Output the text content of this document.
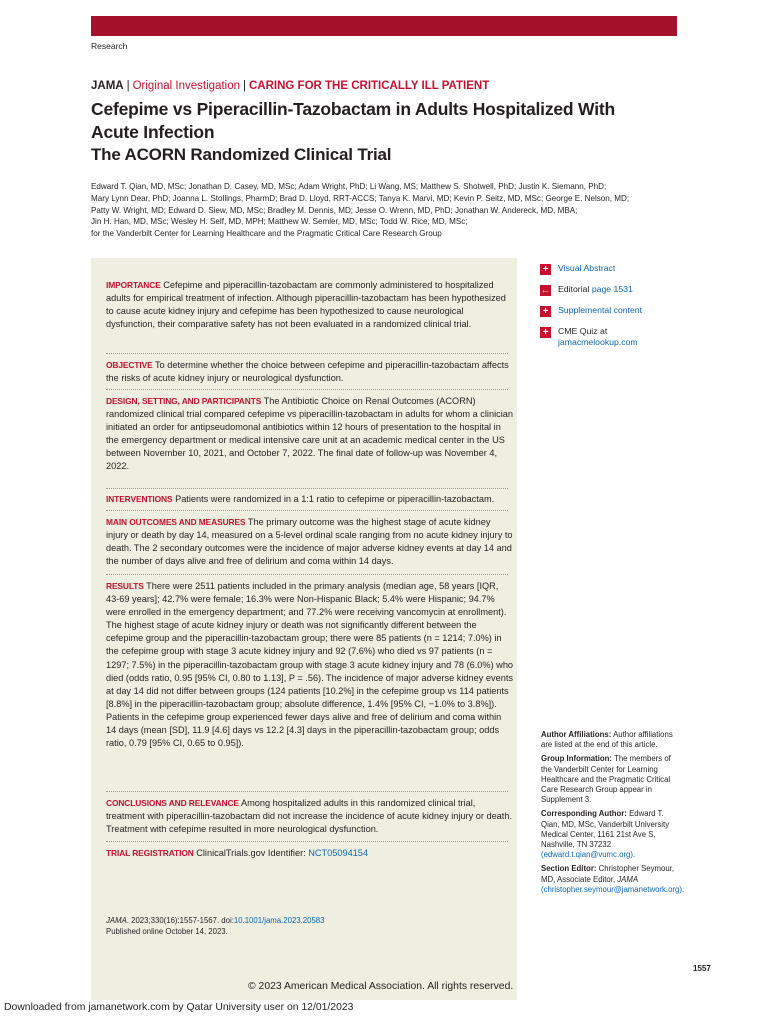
Research
JAMA | Original Investigation | CARING FOR THE CRITICALLY ILL PATIENT
Cefepime vs Piperacillin-Tazobactam in Adults Hospitalized With Acute Infection
The ACORN Randomized Clinical Trial
Edward T. Qian, MD, MSc; Jonathan D. Casey, MD, MSc; Adam Wright, PhD; Li Wang, MS; Matthew S. Shotwell, PhD; Justin K. Siemann, PhD;
Mary Lynn Dear, PhD; Joanna L. Stollings, PharmD; Brad D. Lloyd, RRT-ACCS; Tanya K. Marvi, MD; Kevin P. Seitz, MD, MSc; George E. Nelson, MD;
Patty W. Wright, MD; Edward D. Siew, MD, MSc; Bradley M. Dennis, MD; Jesse O. Wrenn, MD, PhD; Jonathan W. Andereck, MD, MBA;
Jin H. Han, MD, MSc; Wesley H. Self, MD, MPH; Matthew W. Semler, MD, MSc; Todd W. Rice, MD, MSc;
for the Vanderbilt Center for Learning Healthcare and the Pragmatic Critical Care Research Group
IMPORTANCE Cefepime and piperacillin-tazobactam are commonly administered to hospitalized adults for empirical treatment of infection. Although piperacillin-tazobactam has been hypothesized to cause acute kidney injury and cefepime has been hypothesized to cause neurological dysfunction, their comparative safety has not been evaluated in a randomized clinical trial.
OBJECTIVE To determine whether the choice between cefepime and piperacillin-tazobactam affects the risks of acute kidney injury or neurological dysfunction.
DESIGN, SETTING, AND PARTICIPANTS The Antibiotic Choice on Renal Outcomes (ACORN) randomized clinical trial compared cefepime vs piperacillin-tazobactam in adults for whom a clinician initiated an order for antipseudomonal antibiotics within 12 hours of presentation to the hospital in the emergency department or medical intensive care unit at an academic medical center in the US between November 10, 2021, and October 7, 2022. The final date of follow-up was November 4, 2022.
INTERVENTIONS Patients were randomized in a 1:1 ratio to cefepime or piperacillin-tazobactam.
MAIN OUTCOMES AND MEASURES The primary outcome was the highest stage of acute kidney injury or death by day 14, measured on a 5-level ordinal scale ranging from no acute kidney injury to death. The 2 secondary outcomes were the incidence of major adverse kidney events at day 14 and the number of days alive and free of delirium and coma within 14 days.
RESULTS There were 2511 patients included in the primary analysis (median age, 58 years [IQR, 43-69 years]; 42.7% were female; 16.3% were Non-Hispanic Black; 5.4% were Hispanic; 94.7% were enrolled in the emergency department; and 77.2% were receiving vancomycin at enrollment). The highest stage of acute kidney injury or death was not significantly different between the cefepime group and the piperacillin-tazobactam group; there were 85 patients (n = 1214; 7.0%) in the cefepime group with stage 3 acute kidney injury and 92 (7.6%) who died vs 97 patients (n = 1297; 7.5%) in the piperacillin-tazobactam group with stage 3 acute kidney injury and 78 (6.0%) who died (odds ratio, 0.95 [95% CI, 0.80 to 1.13], P = .56). The incidence of major adverse kidney events at day 14 did not differ between groups (124 patients [10.2%] in the cefepime group vs 114 patients [8.8%] in the piperacillin-tazobactam group; absolute difference, 1.4% [95% CI, −1.0% to 3.8%]). Patients in the cefepime group experienced fewer days alive and free of delirium and coma within 14 days (mean [SD], 11.9 [4.6] days vs 12.2 [4.3] days in the piperacillin-tazobactam group; odds ratio, 0.79 [95% CI, 0.65 to 0.95]).
CONCLUSIONS AND RELEVANCE Among hospitalized adults in this randomized clinical trial, treatment with piperacillin-tazobactam did not increase the incidence of acute kidney injury or death. Treatment with cefepime resulted in more neurological dysfunction.
TRIAL REGISTRATION ClinicalTrials.gov Identifier: NCT05094154
JAMA. 2023;330(16):1557-1567. doi:10.1001/jama.2023.20583
Published online October 14, 2023.
+ Visual Abstract
← Editorial page 1531
+ Supplemental content
+ CME Quiz at
jamacmelookup.com

Author Affiliations: Author affiliations are listed at the end of this article.

Group Information: The members of the Vanderbilt Center for Learning Healthcare and the Pragmatic Critical Care Research Group appear in Supplement 3.

Corresponding Author: Edward T. Qian, MD, MSc, Vanderbilt University Medical Center, 1161 21st Ave S, Nashville, TN 37232 (edward.t.qian@vumc.org).

Section Editor: Christopher Seymour, MD, Associate Editor, JAMA (christopher.seymour@jamanetwork.org).

1557
© 2023 American Medical Association. All rights reserved.
Downloaded from jamanetwork.com by Qatar University user on 12/01/2023
